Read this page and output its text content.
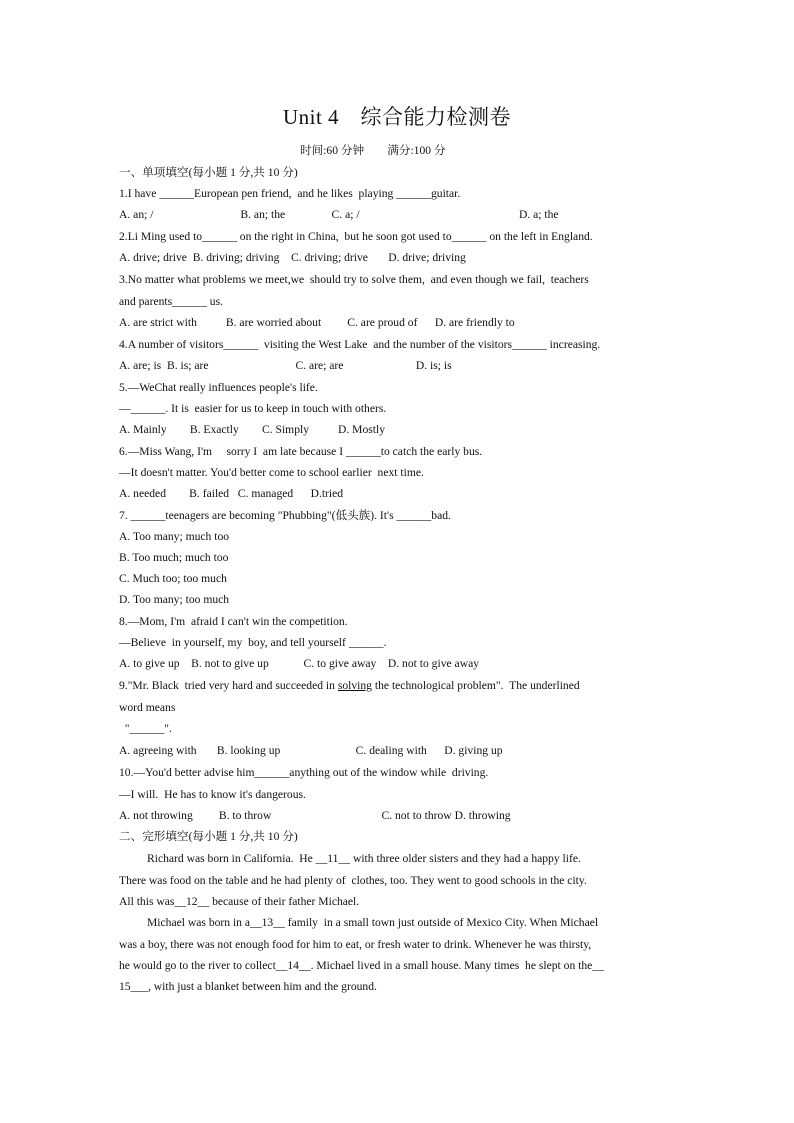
Unit 4　综合能力检测卷
时间:60 分钟　　满分:100 分
一、单项填空(每小题 1 分,共 10 分)
1.I have ______European pen friend,  and he likes  playing ______guitar.
A. an; /                              B. an; the                C. a; /                                                       D. a; the
2.Li Ming used to______ on the right in China,  but he soon got used to______ on the left in England.
A. drive; drive  B. driving; driving    C. driving; drive       D. drive; driving
3.No matter what problems we meet,we  should try to solve them,  and even though we fail,  teachers
and parents______ us.
A. are strict with          B. are worried about         C. are proud of      D. are friendly to
4.A number of visitors______  visiting the West Lake  and the number of the visitors______ increasing.
A. are; is  B. is; are                              C. are; are                         D. is; is
5.—WeChat really influences people's life.
—______. It is  easier for us to keep in touch with others.
A. Mainly        B. Exactly        C. Simply          D. Mostly
6.—Miss Wang, I'm     sorry I  am late because I ______to catch the early bus.
—It doesn't matter. You'd better come to school earlier  next time.
A. needed        B. failed   C. managed      D.tried
7. ______teenagers are becoming "Phubbing"(低头族). It's ______bad.
A. Too many; much too
B. Too much; much too
C. Much too; too much
D. Too many; too much
8.—Mom, I'm  afraid I can't win the competition.
—Believe  in yourself, my  boy, and tell yourself ______.
A. to give up    B. not to give up            C. to give away    D. not to give away
9."Mr. Black  tried very hard and succeeded in solving the technological problem".  The underlined
word means
"______".
A. agreeing with       B. looking up                          C. dealing with      D. giving up
10.—You'd better advise him______anything out of the window while  driving.
—I will.  He has to know it's dangerous.
A. not throwing         B. to throw                                      C. not to throw D. throwing
二、完形填空(每小题 1 分,共 10 分)
Richard was born in California.  He __11__ with three older sisters and they had a happy life.
There was food on the table and he had plenty of  clothes, too. They went to good schools in the city.
All this was__12__ because of their father Michael.
Michael was born in a__13__ family  in a small town just outside of Mexico City. When Michael
was a boy, there was not enough food for him to eat, or fresh water to drink. Whenever he was thirsty,
he would go to the river to collect__14__. Michael lived in a small house. Many times  he slept on the__
15___, with just a blanket between him and the ground.
